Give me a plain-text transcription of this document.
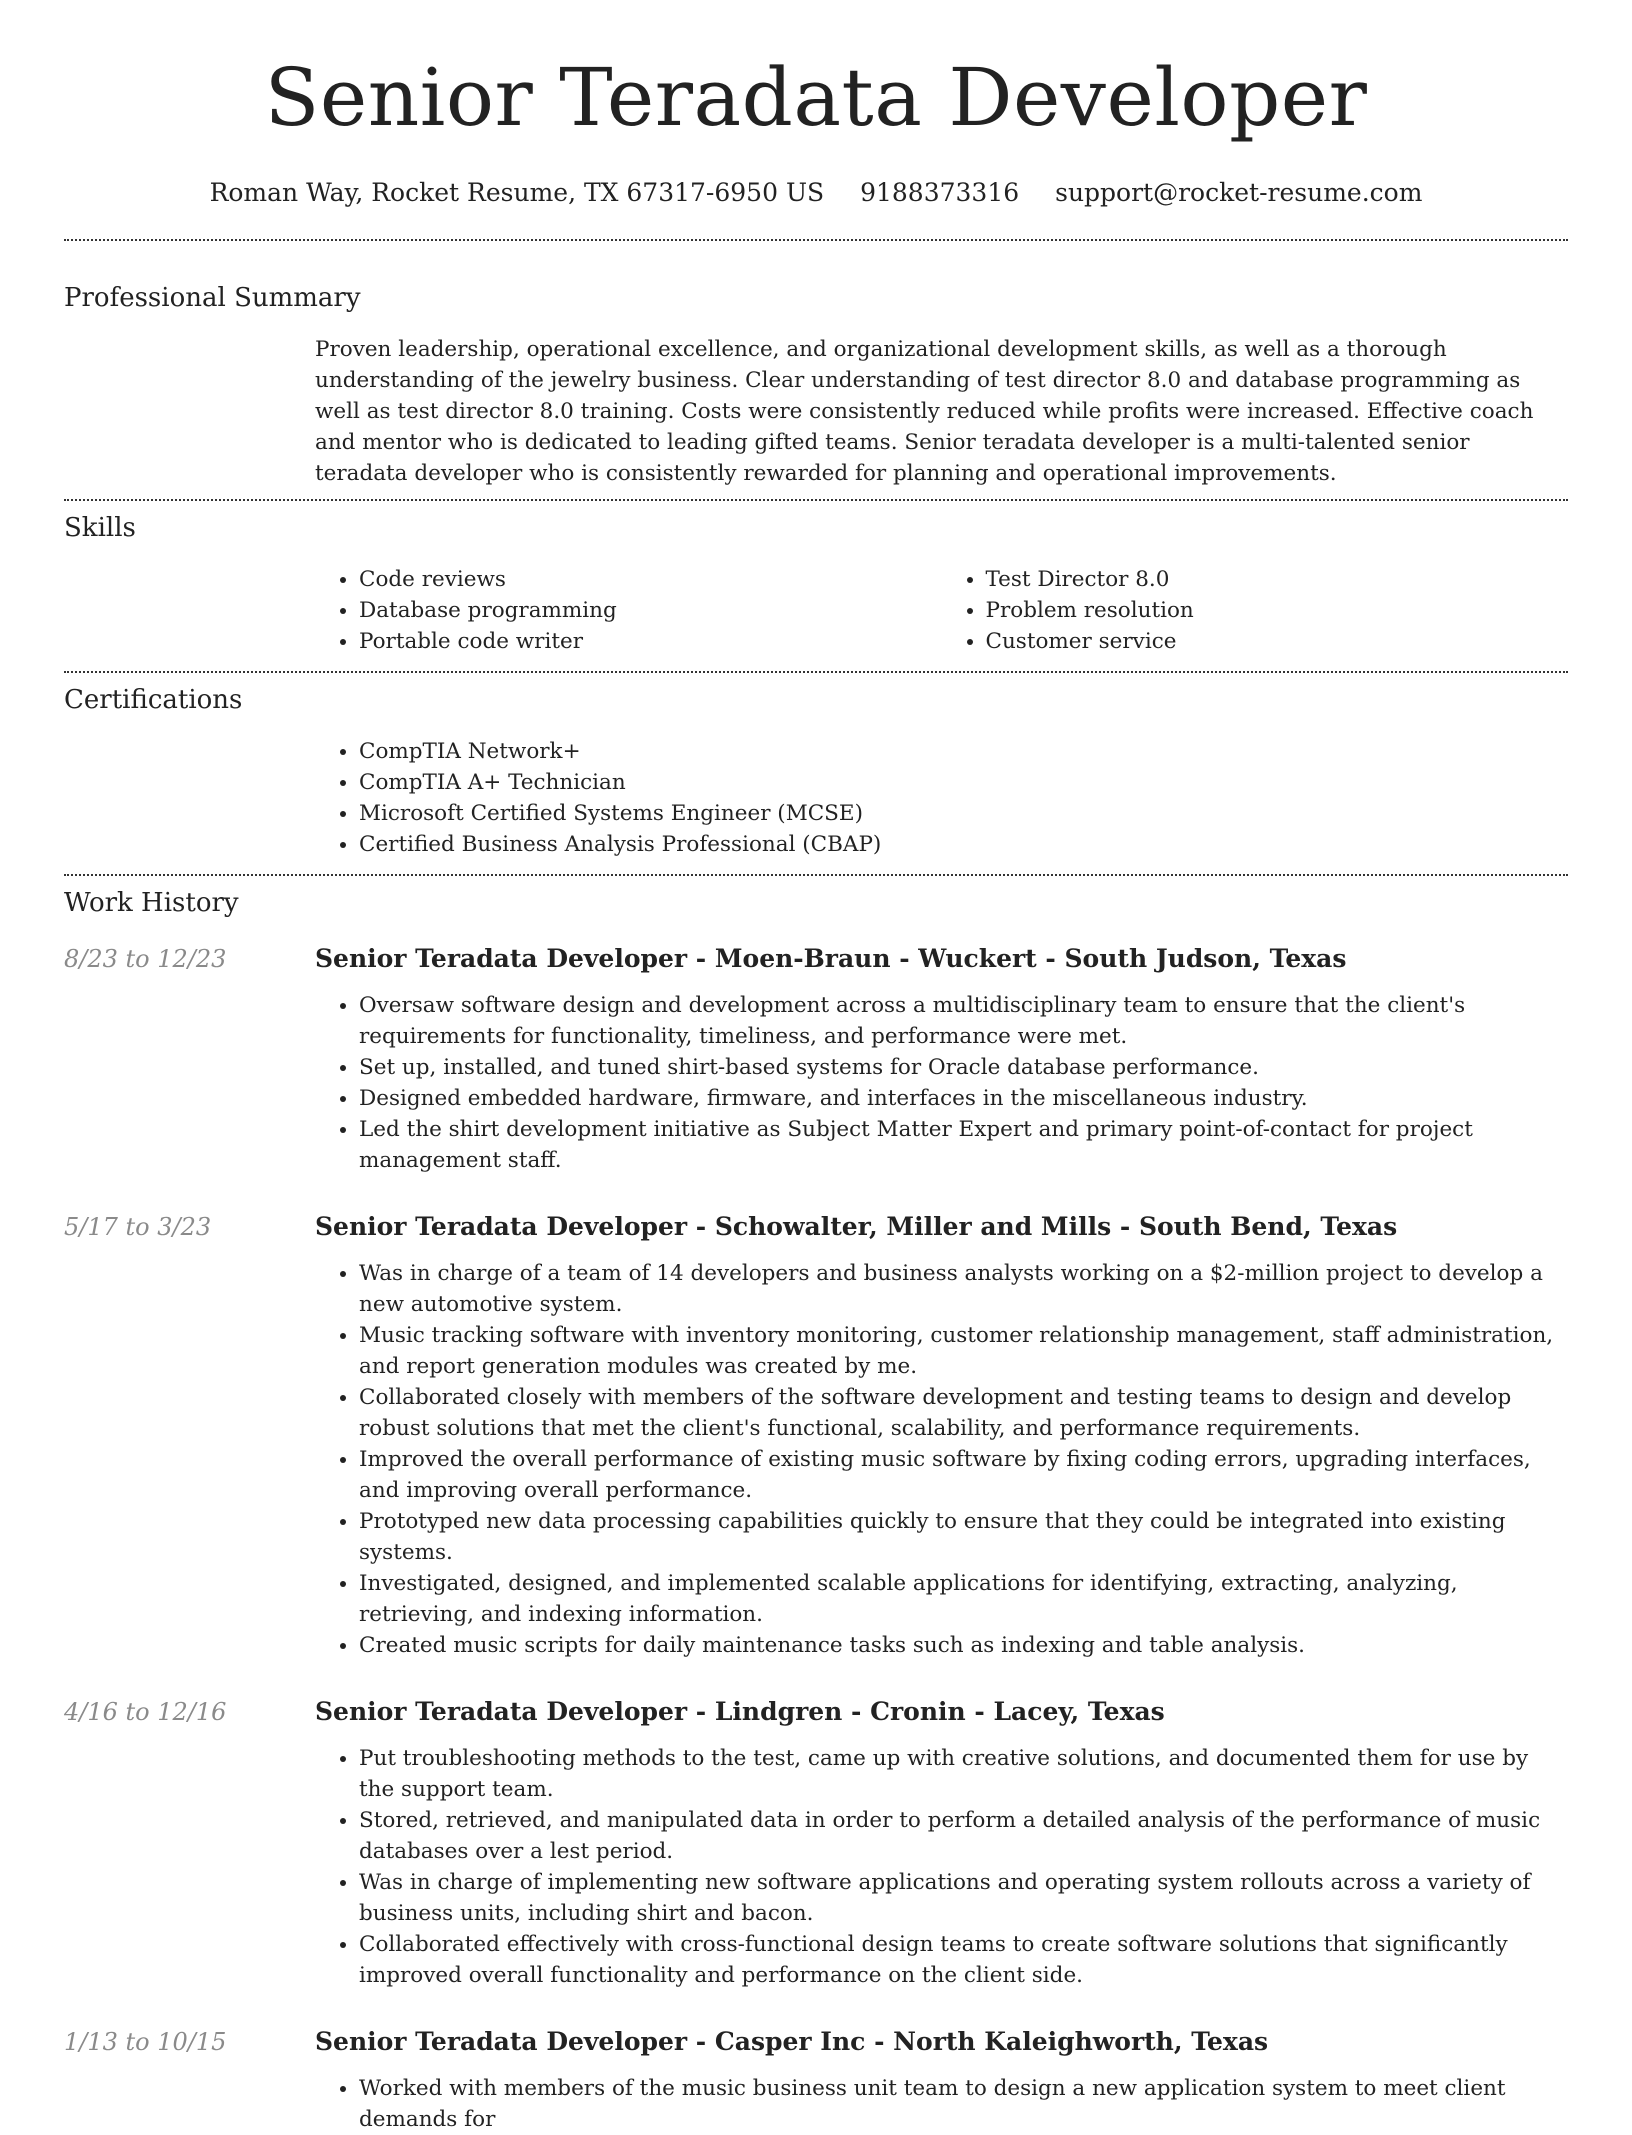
Senior Teradata Developer
Roman Way, Rocket Resume, TX 67317-6950 US 9188373316 support@rocket-resume.com
Professional Summary

Proven leadership, operational excellence, and organizational development skills, as well as a thorough understanding of the jewelry business. Clear understanding of test director 8.0 and database programming as well as test director 8.0 training. Costs were consistently reduced while profits were increased. Effective coach and mentor who is dedicated to leading gifted teams. Senior teradata developer is a multi-talented senior teradata developer who is consistently rewarded for planning and operational improvements.

Skills
• Code reviews
• Database programming
• Portable code writer
• Test Director 8.0
• Problem resolution
• Customer service
Certifications
• CompTIA Network+
• CompTIA A+ Technician
• Microsoft Certified Systems Engineer (MCSE)
• Certified Business Analysis Professional (CBAP)
Work History
8/23 to 12/23	Senior Teradata Developer - Moen-Braun - Wuckert - South Judson, Texas
• Oversaw software design and development across a multidisciplinary team to ensure that the client's requirements for functionality, timeliness, and performance were met.
• Set up, installed, and tuned shirt-based systems for Oracle database performance.
• Designed embedded hardware, firmware, and interfaces in the miscellaneous industry.
• Led the shirt development initiative as Subject Matter Expert and primary point-of-contact for project management staff.
5/17 to 3/23	Senior Teradata Developer - Schowalter, Miller and Mills - South Bend, Texas
• Was in charge of a team of 14 developers and business analysts working on a $2-million project to develop a new automotive system.
• Music tracking software with inventory monitoring, customer relationship management, staff administration, and report generation modules was created by me.
• Collaborated closely with members of the software development and testing teams to design and develop robust solutions that met the client's functional, scalability, and performance requirements.
• Improved the overall performance of existing music software by fixing coding errors, upgrading interfaces, and improving overall performance.
• Prototyped new data processing capabilities quickly to ensure that they could be integrated into existing systems.
• Investigated, designed, and implemented scalable applications for identifying, extracting, analyzing, retrieving, and indexing information.
• Created music scripts for daily maintenance tasks such as indexing and table analysis.
4/16 to 12/16	Senior Teradata Developer - Lindgren - Cronin - Lacey, Texas
• Put troubleshooting methods to the test, came up with creative solutions, and documented them for use by the support team.
• Stored, retrieved, and manipulated data in order to perform a detailed analysis of the performance of music databases over a lest period.
• Was in charge of implementing new software applications and operating system rollouts across a variety of business units, including shirt and bacon.
• Collaborated effectively with cross-functional design teams to create software solutions that significantly improved overall functionality and performance on the client side.
1/13 to 10/15	Senior Teradata Developer - Casper Inc - North Kaleighworth, Texas
• Worked with members of the music business unit team to design a new application system to meet client demands for
